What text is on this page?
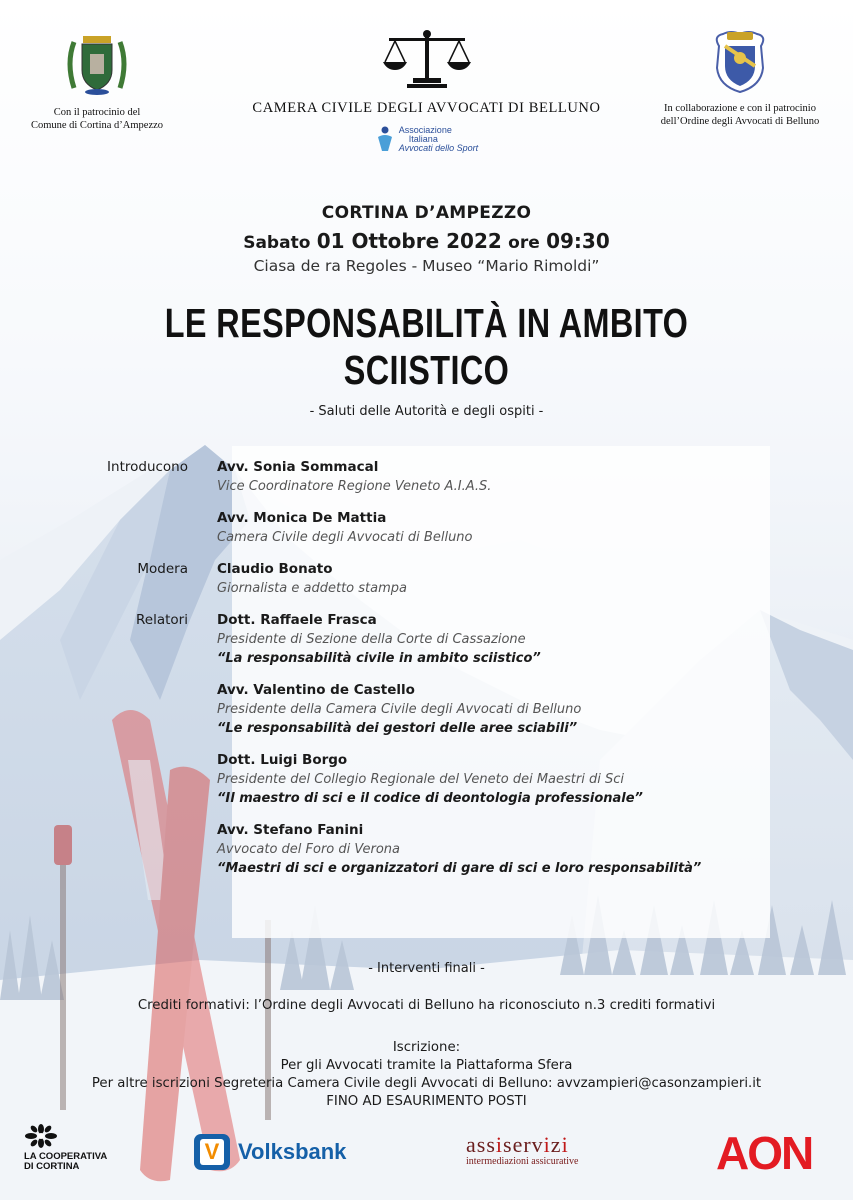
Con il patrocinio del
Comune di Cortina d’Ampezzo
CAMERA CIVILE DEGLI AVVOCATI DI BELLUNO
Associazione
Italiana
Avvocati dello Sport
In collaborazione e con il patrocinio
dell’Ordine degli Avvocati di Belluno
CORTINA D’AMPEZZO
Sabato 01 Ottobre 2022 ore 09:30
Ciasa de ra Regoles - Museo “Mario Rimoldi”
LE RESPONSABILITÀ IN AMBITO SCIISTICO
- Saluti delle Autorità e degli ospiti -
Introducono	Avv. Sonia Sommacal
Vice Coordinatore Regione Veneto A.I.A.S.
Avv. Monica De Mattia
Camera Civile degli Avvocati di Belluno
Modera	Claudio Bonato
Giornalista e addetto stampa
Relatori	Dott. Raffaele Frasca
Presidente di Sezione della Corte di Cassazione
“La responsabilità civile in ambito sciistico”
Avv. Valentino de Castello
Presidente della Camera Civile degli Avvocati di Belluno
“Le responsabilità dei gestori delle aree sciabili”
Dott. Luigi Borgo
Presidente del Collegio Regionale del Veneto dei Maestri di Sci
“Il maestro di sci e il codice di deontologia professionale”
Avv. Stefano Fanini
Avvocato del Foro di Verona
“Maestri di sci e organizzatori di gare di sci e loro responsabilità”
- Interventi finali -
Crediti formativi: l’Ordine degli Avvocati di Belluno ha riconosciuto n.3 crediti formativi
Iscrizione:
Per gli Avvocati tramite la Piattaforma Sfera
Per altre iscrizioni Segreteria Camera Civile degli Avvocati di Belluno: avvzampieri@casonzampieri.it
FINO AD ESAURIMENTO POSTI
LA COOPERATIVA
DI CORTINA
V Volksbank	assiservizi
intermediazioni assicurative	AON
